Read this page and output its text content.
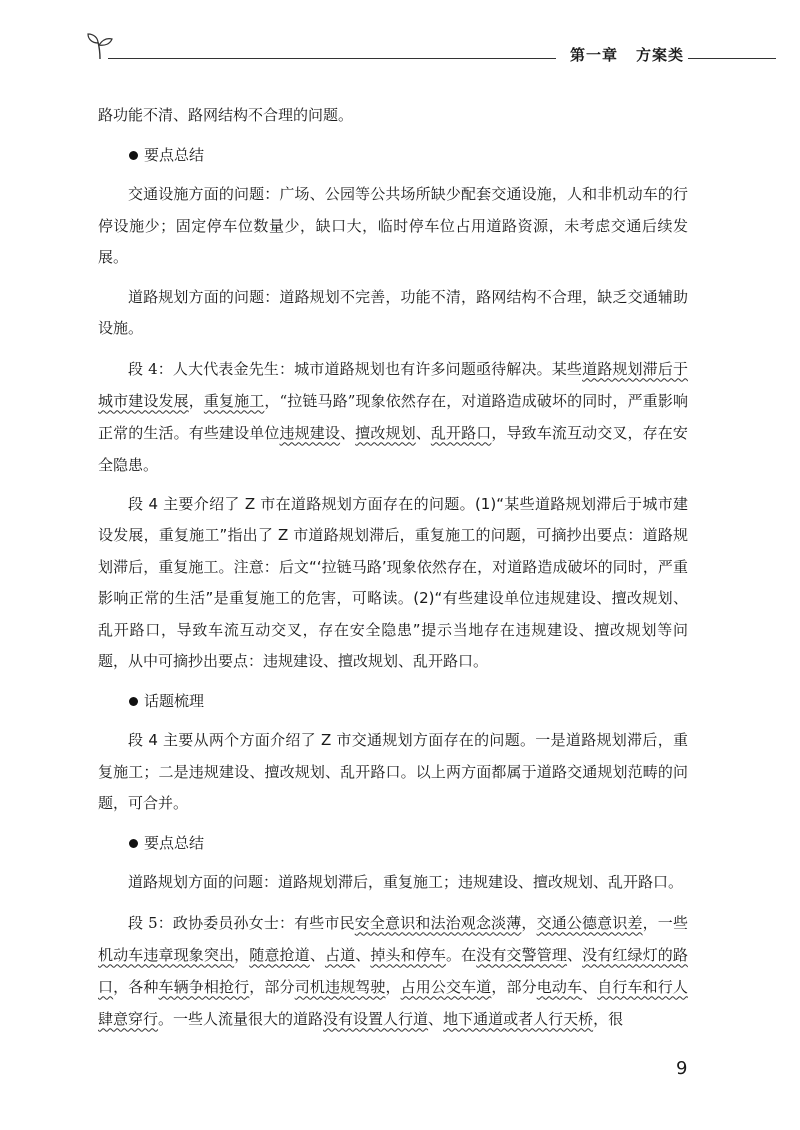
第一章 方案类

路功能不清、路网结构不合理的问题。

要点总结

交通设施方面的问题：广场、公园等公共场所缺少配套交通设施，人和非机动车的行停设施少；固定停车位数量少，缺口大，临时停车位占用道路资源，未考虑交通后续发展。

道路规划方面的问题：道路规划不完善，功能不清，路网结构不合理，缺乏交通辅助设施。

段 4：人大代表金先生：城市道路规划也有许多问题亟待解决。某些道路规划滞后于城市建设发展，重复施工，“拉链马路”现象依然存在，对道路造成破坏的同时，严重影响正常的生活。有些建设单位违规建设、擅改规划、乱开路口，导致车流互动交叉，存在安全隐患。

段 4 主要介绍了 Z 市在道路规划方面存在的问题。(1)“某些道路规划滞后于城市建设发展，重复施工”指出了 Z 市道路规划滞后，重复施工的问题，可摘抄出要点：道路规划滞后，重复施工。注意：后文“‘拉链马路’现象依然存在，对道路造成破坏的同时，严重影响正常的生活”是重复施工的危害，可略读。(2)“有些建设单位违规建设、擅改规划、乱开路口，导致车流互动交叉，存在安全隐患”提示当地存在违规建设、擅改规划等问题，从中可摘抄出要点：违规建设、擅改规划、乱开路口。

话题梳理

段 4 主要从两个方面介绍了 Z 市交通规划方面存在的问题。一是道路规划滞后，重复施工；二是违规建设、擅改规划、乱开路口。以上两方面都属于道路交通规划范畴的问题，可合并。

要点总结

道路规划方面的问题：道路规划滞后，重复施工；违规建设、擅改规划、乱开路口。

段 5：政协委员孙女士：有些市民安全意识和法治观念淡薄，交通公德意识差，一些机动车违章现象突出，随意抢道、占道、掉头和停车。在没有交警管理、没有红绿灯的路口，各种车辆争相抢行，部分司机违规驾驶，占用公交车道，部分电动车、自行车和行人肆意穿行。一些人流量很大的道路没有设置人行道、地下通道或者人行天桥，很

9
